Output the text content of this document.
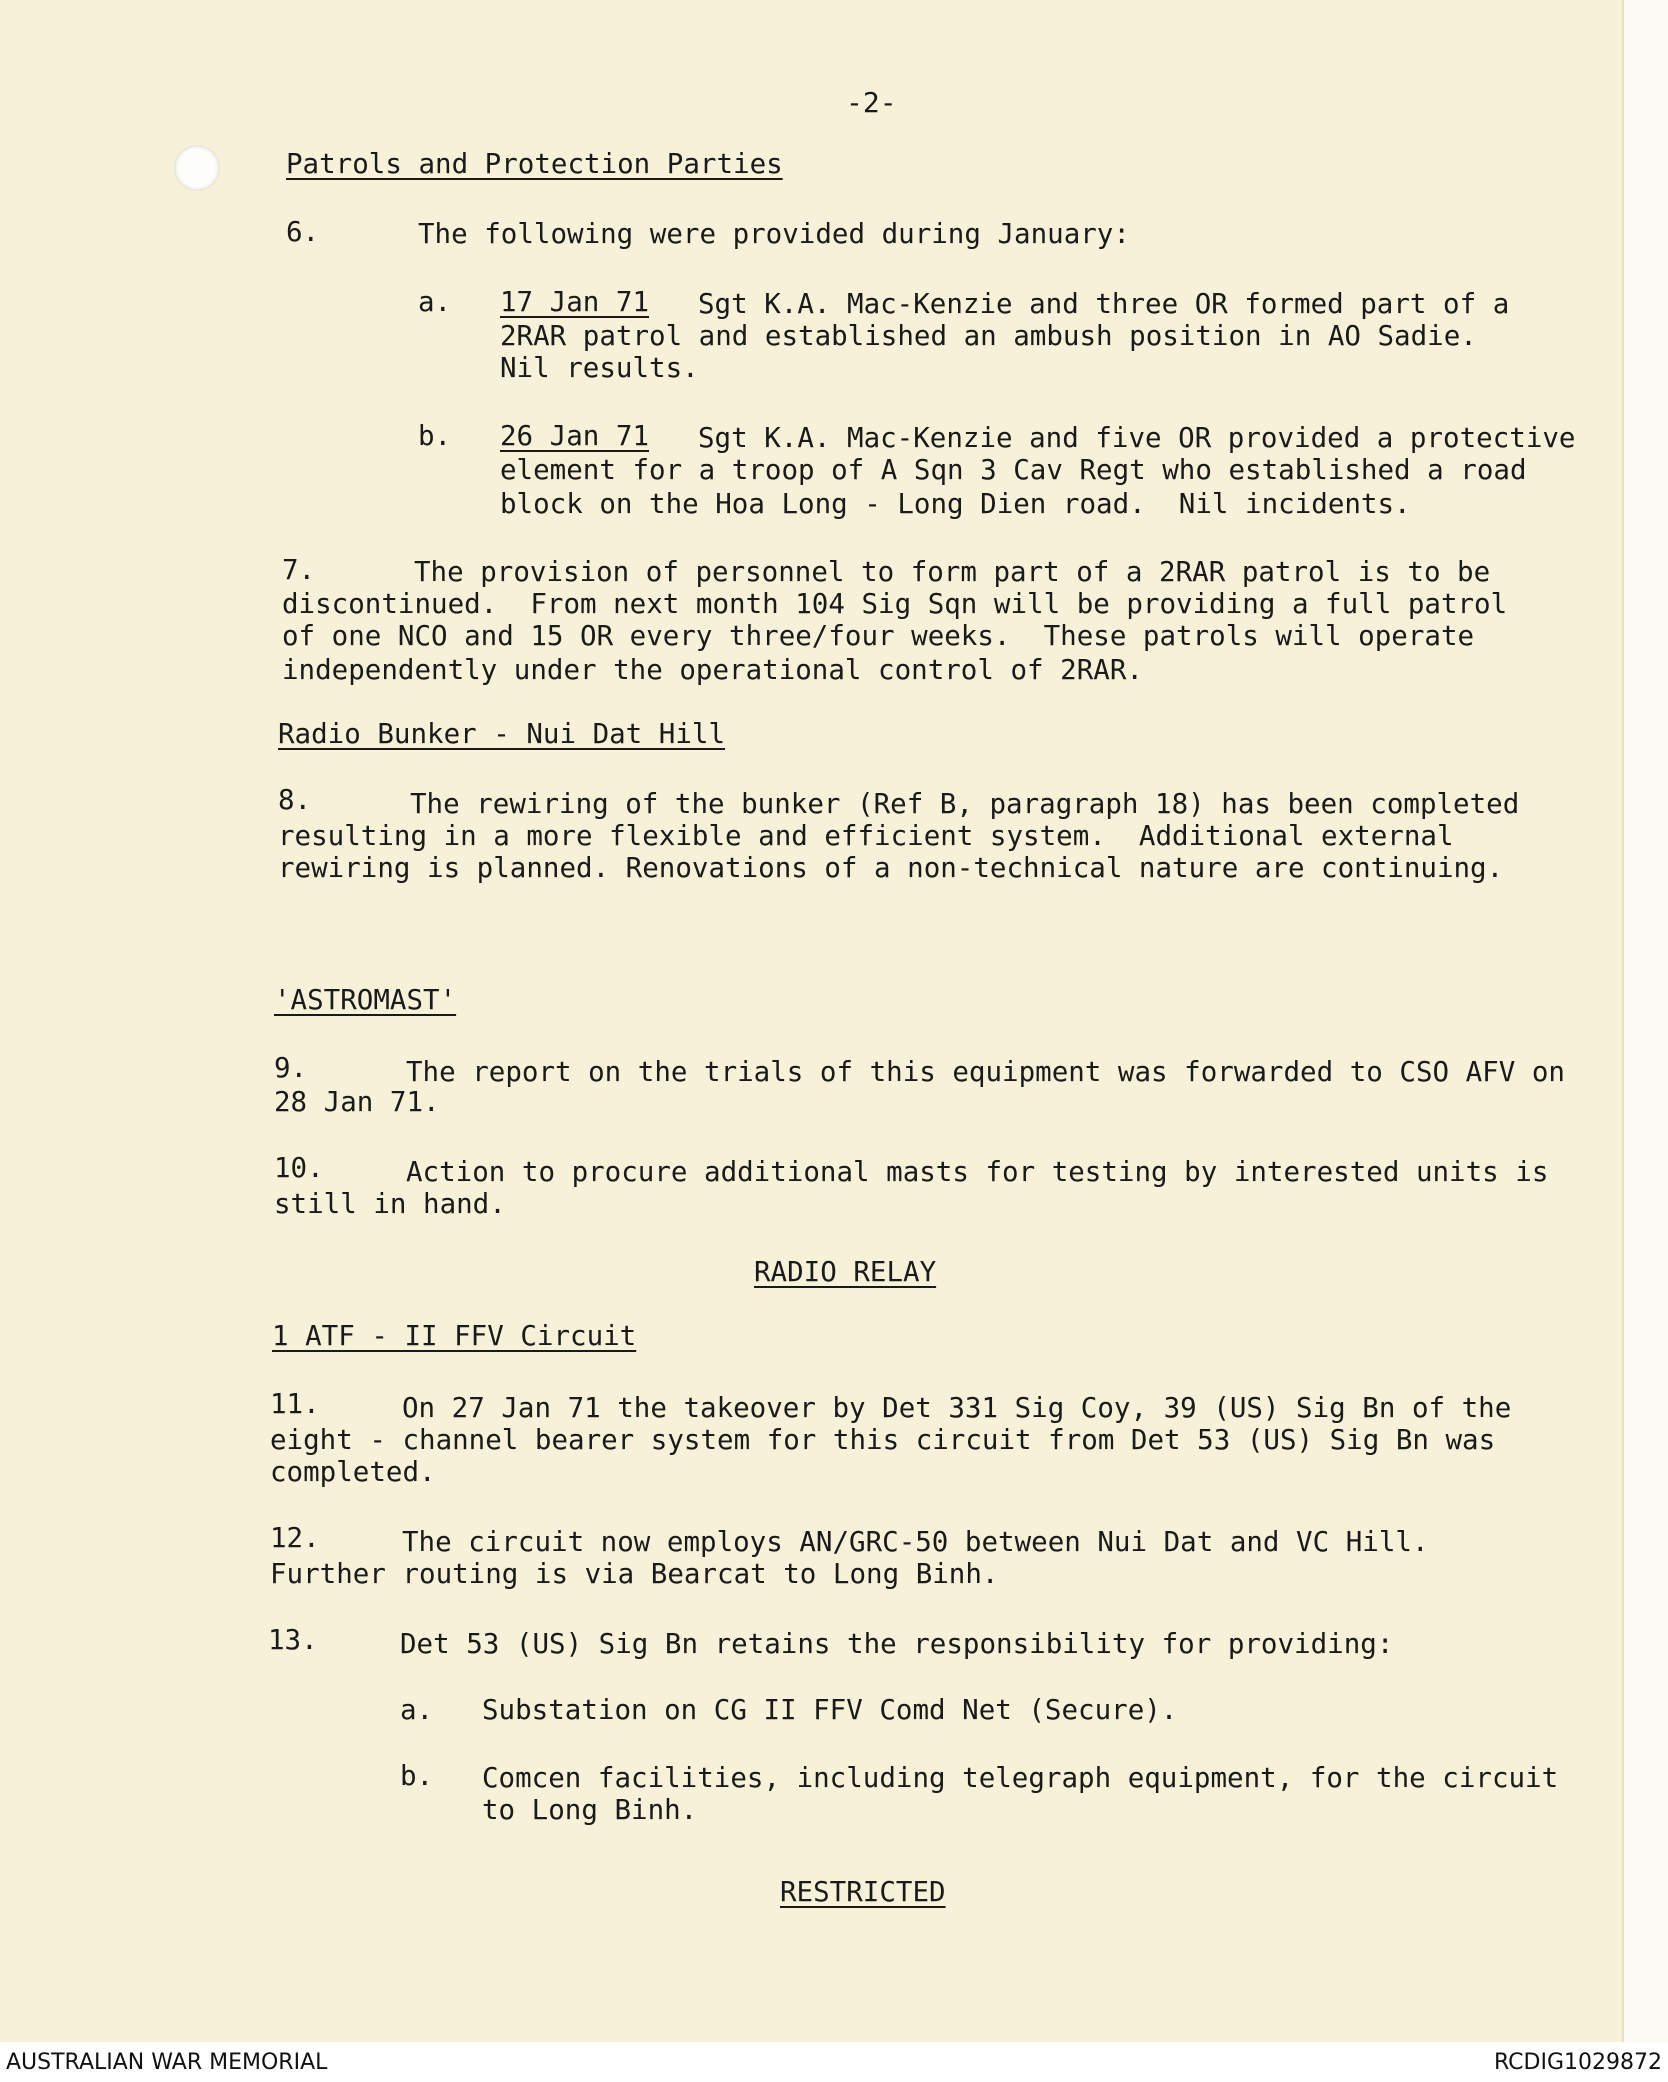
-2-
Patrols and Protection Parties
6.	The following were provided during January:
a. 17 Jan 71 Sgt K.A. Mac-Kenzie and three OR formed part of a
2RAR patrol and established an ambush position in AO Sadie.
Nil results.
b. 26 Jan 71 Sgt K.A. Mac-Kenzie and five OR provided a protective
element for a troop of A Sqn 3 Cav Regt who established a road
block on the Hoa Long - Long Dien road.  Nil incidents.
7.	The provision of personnel to form part of a 2RAR patrol is to be
discontinued.  From next month 104 Sig Sqn will be providing a full patrol
of one NCO and 15 OR every three/four weeks.  These patrols will operate
independently under the operational control of 2RAR.
Radio Bunker - Nui Dat Hill
8.	The rewiring of the bunker (Ref B, paragraph 18) has been completed
resulting in a more flexible and efficient system.  Additional external
rewiring is planned. Renovations of a non-technical nature are continuing.
'ASTROMAST'
9.	The report on the trials of this equipment was forwarded to CSO AFV on
28 Jan 71.
10.	Action to procure additional masts for testing by interested units is
still in hand.
RADIO RELAY
1 ATF - II FFV Circuit
11.	On 27 Jan 71 the takeover by Det 331 Sig Coy, 39 (US) Sig Bn of the
eight - channel bearer system for this circuit from Det 53 (US) Sig Bn was
completed.
12.	The circuit now employs AN/GRC-50 between Nui Dat and VC Hill.
Further routing is via Bearcat to Long Binh.
13.	Det 53 (US) Sig Bn retains the responsibility for providing:
a. Substation on CG II FFV Comd Net (Secure).
b. Comcen facilities, including telegraph equipment, for the circuit
to Long Binh.
RESTRICTED
AUSTRALIAN WAR MEMORIAL	RCDIG1029872
